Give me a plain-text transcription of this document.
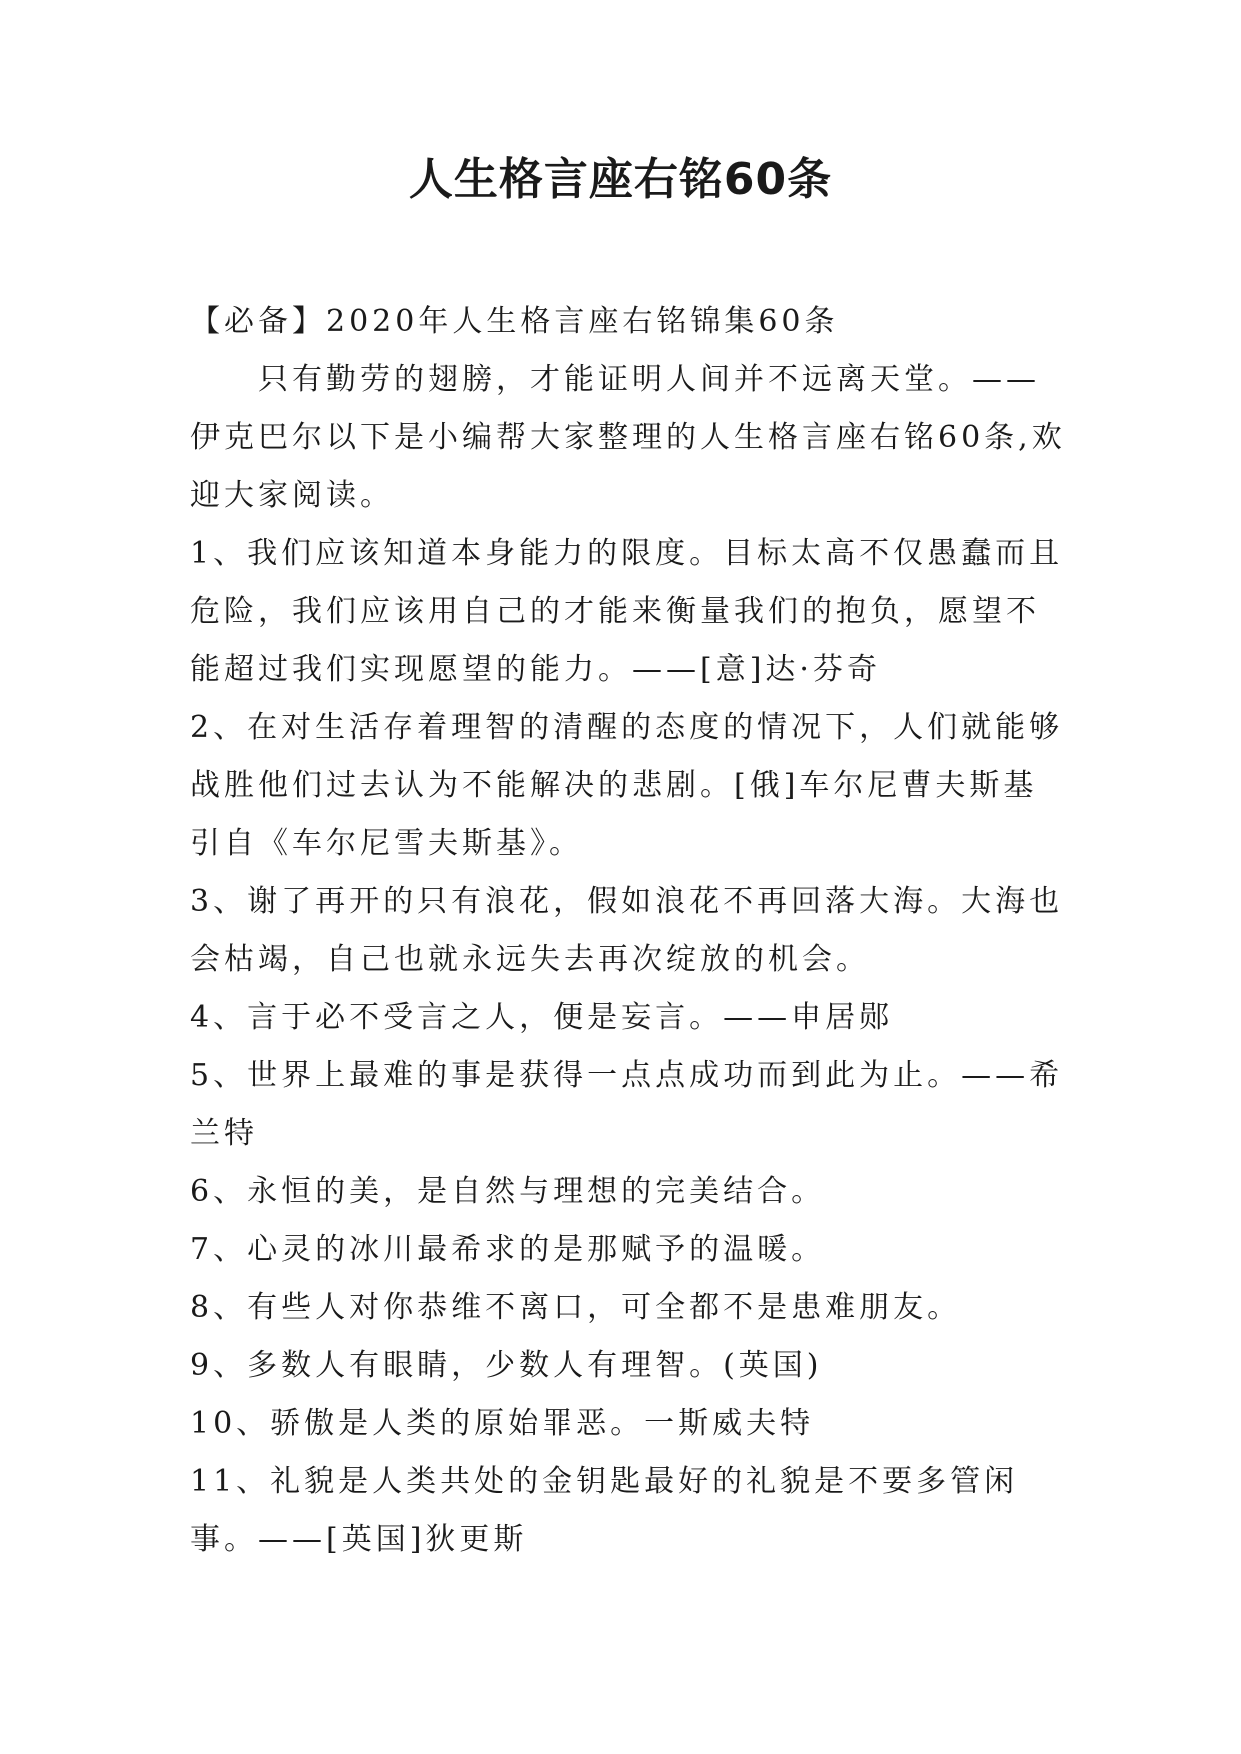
人生格言座右铭60条

【必备】2020年人生格言座右铭锦集60条

只有勤劳的翅膀，才能证明人间并不远离天堂。——伊克巴尔以下是小编帮大家整理的人生格言座右铭60条,欢迎大家阅读。

1、我们应该知道本身能力的限度。目标太高不仅愚蠢而且危险，我们应该用自己的才能来衡量我们的抱负，愿望不能超过我们实现愿望的能力。——[意]达·芬奇

2、在对生活存着理智的清醒的态度的情况下，人们就能够战胜他们过去认为不能解决的悲剧。[俄]车尔尼曹夫斯基引自《车尔尼雪夫斯基》。

3、谢了再开的只有浪花，假如浪花不再回落大海。大海也会枯竭，自己也就永远失去再次绽放的机会。

4、言于必不受言之人，便是妄言。——申居郧

5、世界上最难的事是获得一点点成功而到此为止。——希兰特

6、永恒的美，是自然与理想的完美结合。

7、心灵的冰川最希求的是那赋予的温暖。

8、有些人对你恭维不离口，可全都不是患难朋友。

9、多数人有眼睛，少数人有理智。(英国)

10、骄傲是人类的原始罪恶。一斯威夫特

11、礼貌是人类共处的金钥匙最好的礼貌是不要多管闲事。——[英国]狄更斯
